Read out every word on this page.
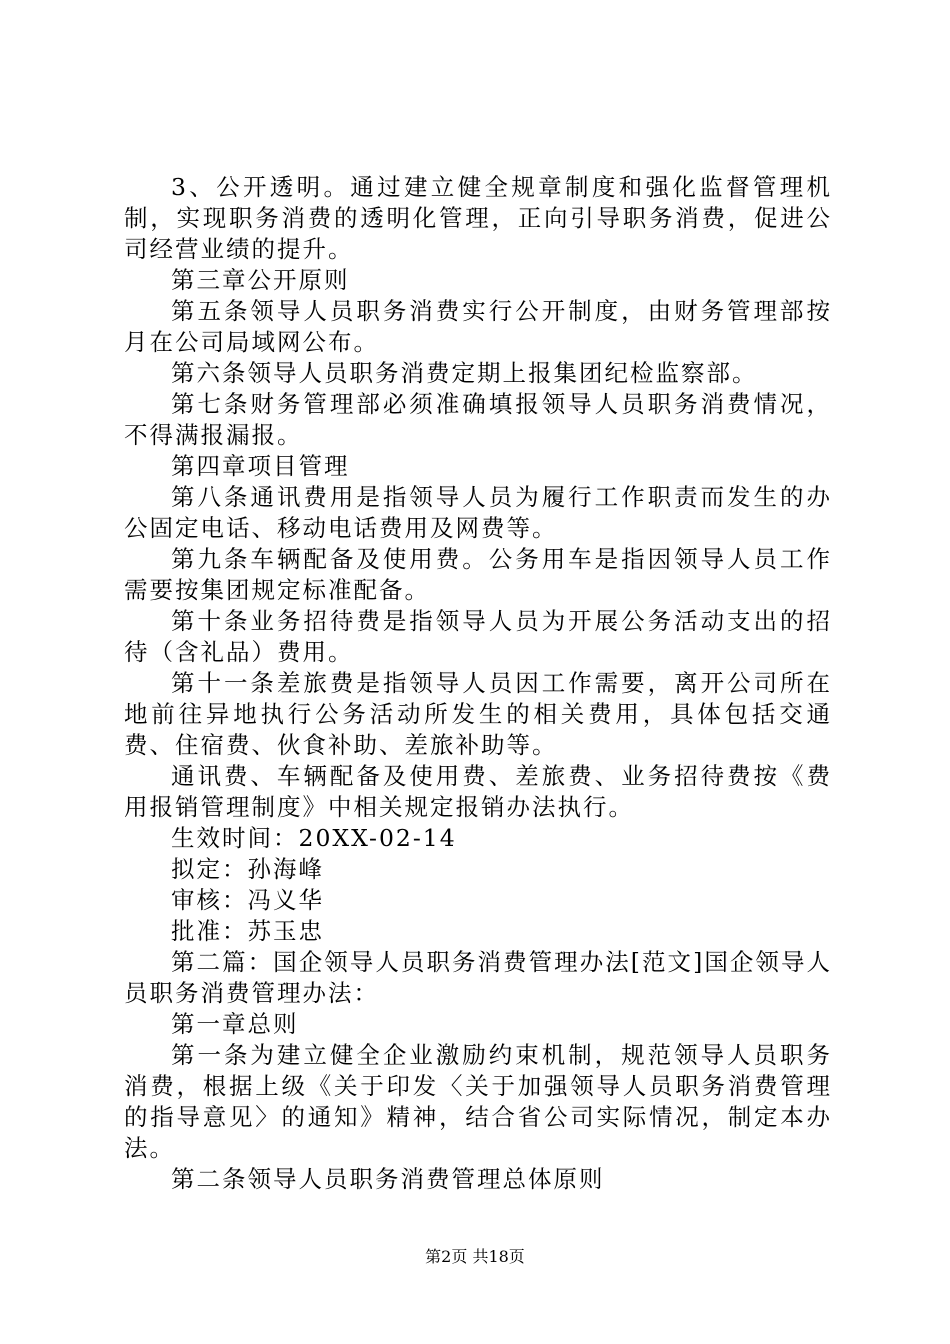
3、公开透明。通过建立健全规章制度和强化监督管理机制，实现职务消费的透明化管理，正向引导职务消费，促进公司经营业绩的提升。

第三章公开原则

第五条领导人员职务消费实行公开制度，由财务管理部按月在公司局域网公布。

第六条领导人员职务消费定期上报集团纪检监察部。

第七条财务管理部必须准确填报领导人员职务消费情况，不得满报漏报。

第四章项目管理

第八条通讯费用是指领导人员为履行工作职责而发生的办公固定电话、移动电话费用及网费等。

第九条车辆配备及使用费。公务用车是指因领导人员工作需要按集团规定标准配备。

第十条业务招待费是指领导人员为开展公务活动支出的招待（含礼品）费用。

第十一条差旅费是指领导人员因工作需要，离开公司所在地前往异地执行公务活动所发生的相关费用，具体包括交通费、住宿费、伙食补助、差旅补助等。

通讯费、车辆配备及使用费、差旅费、业务招待费按《费用报销管理制度》中相关规定报销办法执行。

生效时间：20XX-02-14

拟定：孙海峰

审核：冯义华

批准：苏玉忠

第二篇：国企领导人员职务消费管理办法[范文]国企领导人员职务消费管理办法：

第一章总则

第一条为建立健全企业激励约束机制，规范领导人员职务消费，根据上级《关于印发〈关于加强领导人员职务消费管理的指导意见〉的通知》精神，结合省公司实际情况，制定本办法。

第二条领导人员职务消费管理总体原则

第2页 共18页
